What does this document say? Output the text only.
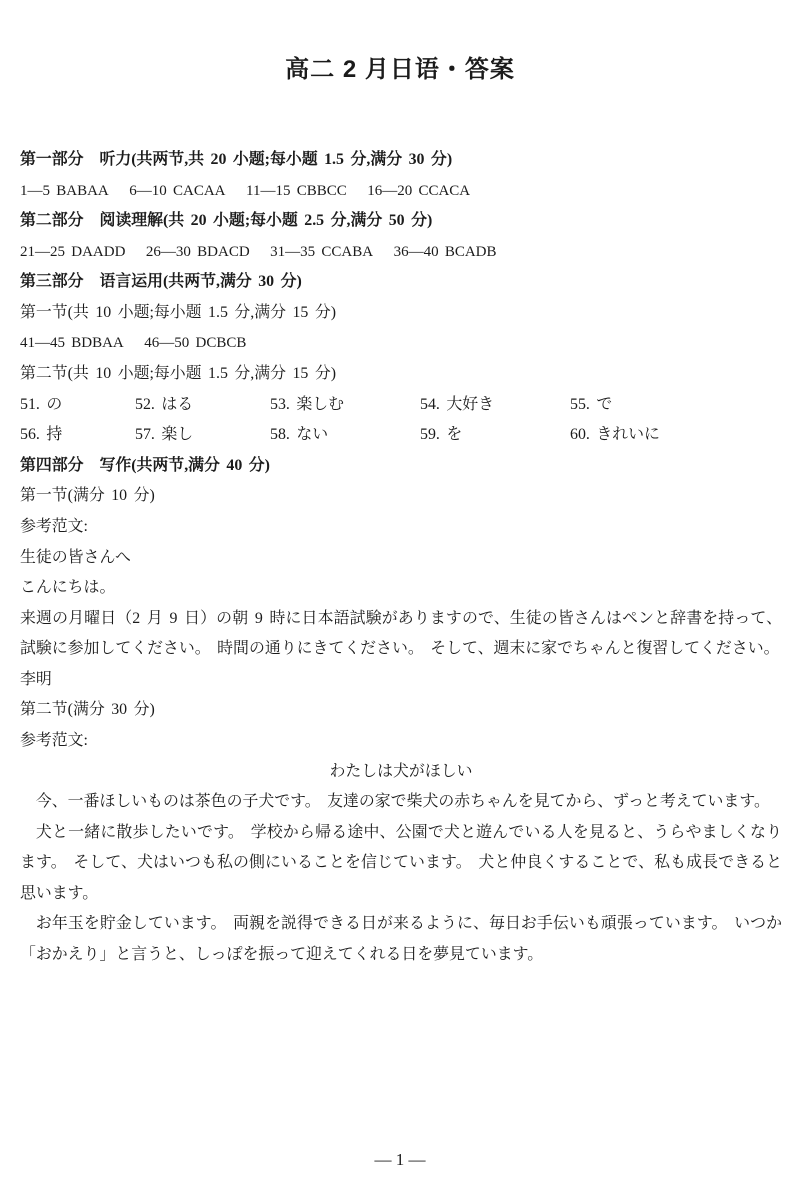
高二 2 月日语・答案
第一部分　听力(共两节,共 20 小题;每小题 1.5 分,满分 30 分)
1—5 BABAA 6—10 CACAA 11—15 CBBCC 16—20 CCACA
第二部分　阅读理解(共 20 小题;每小题 2.5 分,满分 50 分)
21—25 DAADD 26—30 BDACD 31—35 CCABA 36—40 BCADB
第三部分　语言运用(共两节,满分 30 分)
第一节(共 10 小题;每小题 1.5 分,满分 15 分)
41—45 BDBAA 46—50 DCBCB
第二节(共 10 小题;每小题 1.5 分,满分 15 分)
51. の	52. はる	53. 楽しむ	54. 大好き	55. で
56. 持	57. 楽し	58. ない	59. を	60. きれいに
第四部分　写作(共两节,满分 40 分)
第一节(满分 10 分)
参考范文:
生徒の皆さんへ
こんにちは。
来週の月曜日（2 月 9 日）の朝 9 時に日本語試験がありますので、生徒の皆さんはペンと辞書を持って、試験に参加してください。 時間の通りにきてください。 そして、週末に家でちゃんと復習してください。
李明
第二节(满分 30 分)
参考范文:
わたしは犬がほしい
今、一番ほしいものは茶色の子犬です。 友達の家で柴犬の赤ちゃんを見てから、ずっと考えています。
犬と一緒に散歩したいです。 学校から帰る途中、公園で犬と遊んでいる人を見ると、うらやましくなります。 そして、犬はいつも私の側にいることを信じています。 犬と仲良くすることで、私も成長できると思います。
お年玉を貯金しています。 両親を説得できる日が来るように、毎日お手伝いも頑張っています。 いつか「おかえり」と言うと、しっぽを振って迎えてくれる日を夢見ています。
— 1 —
